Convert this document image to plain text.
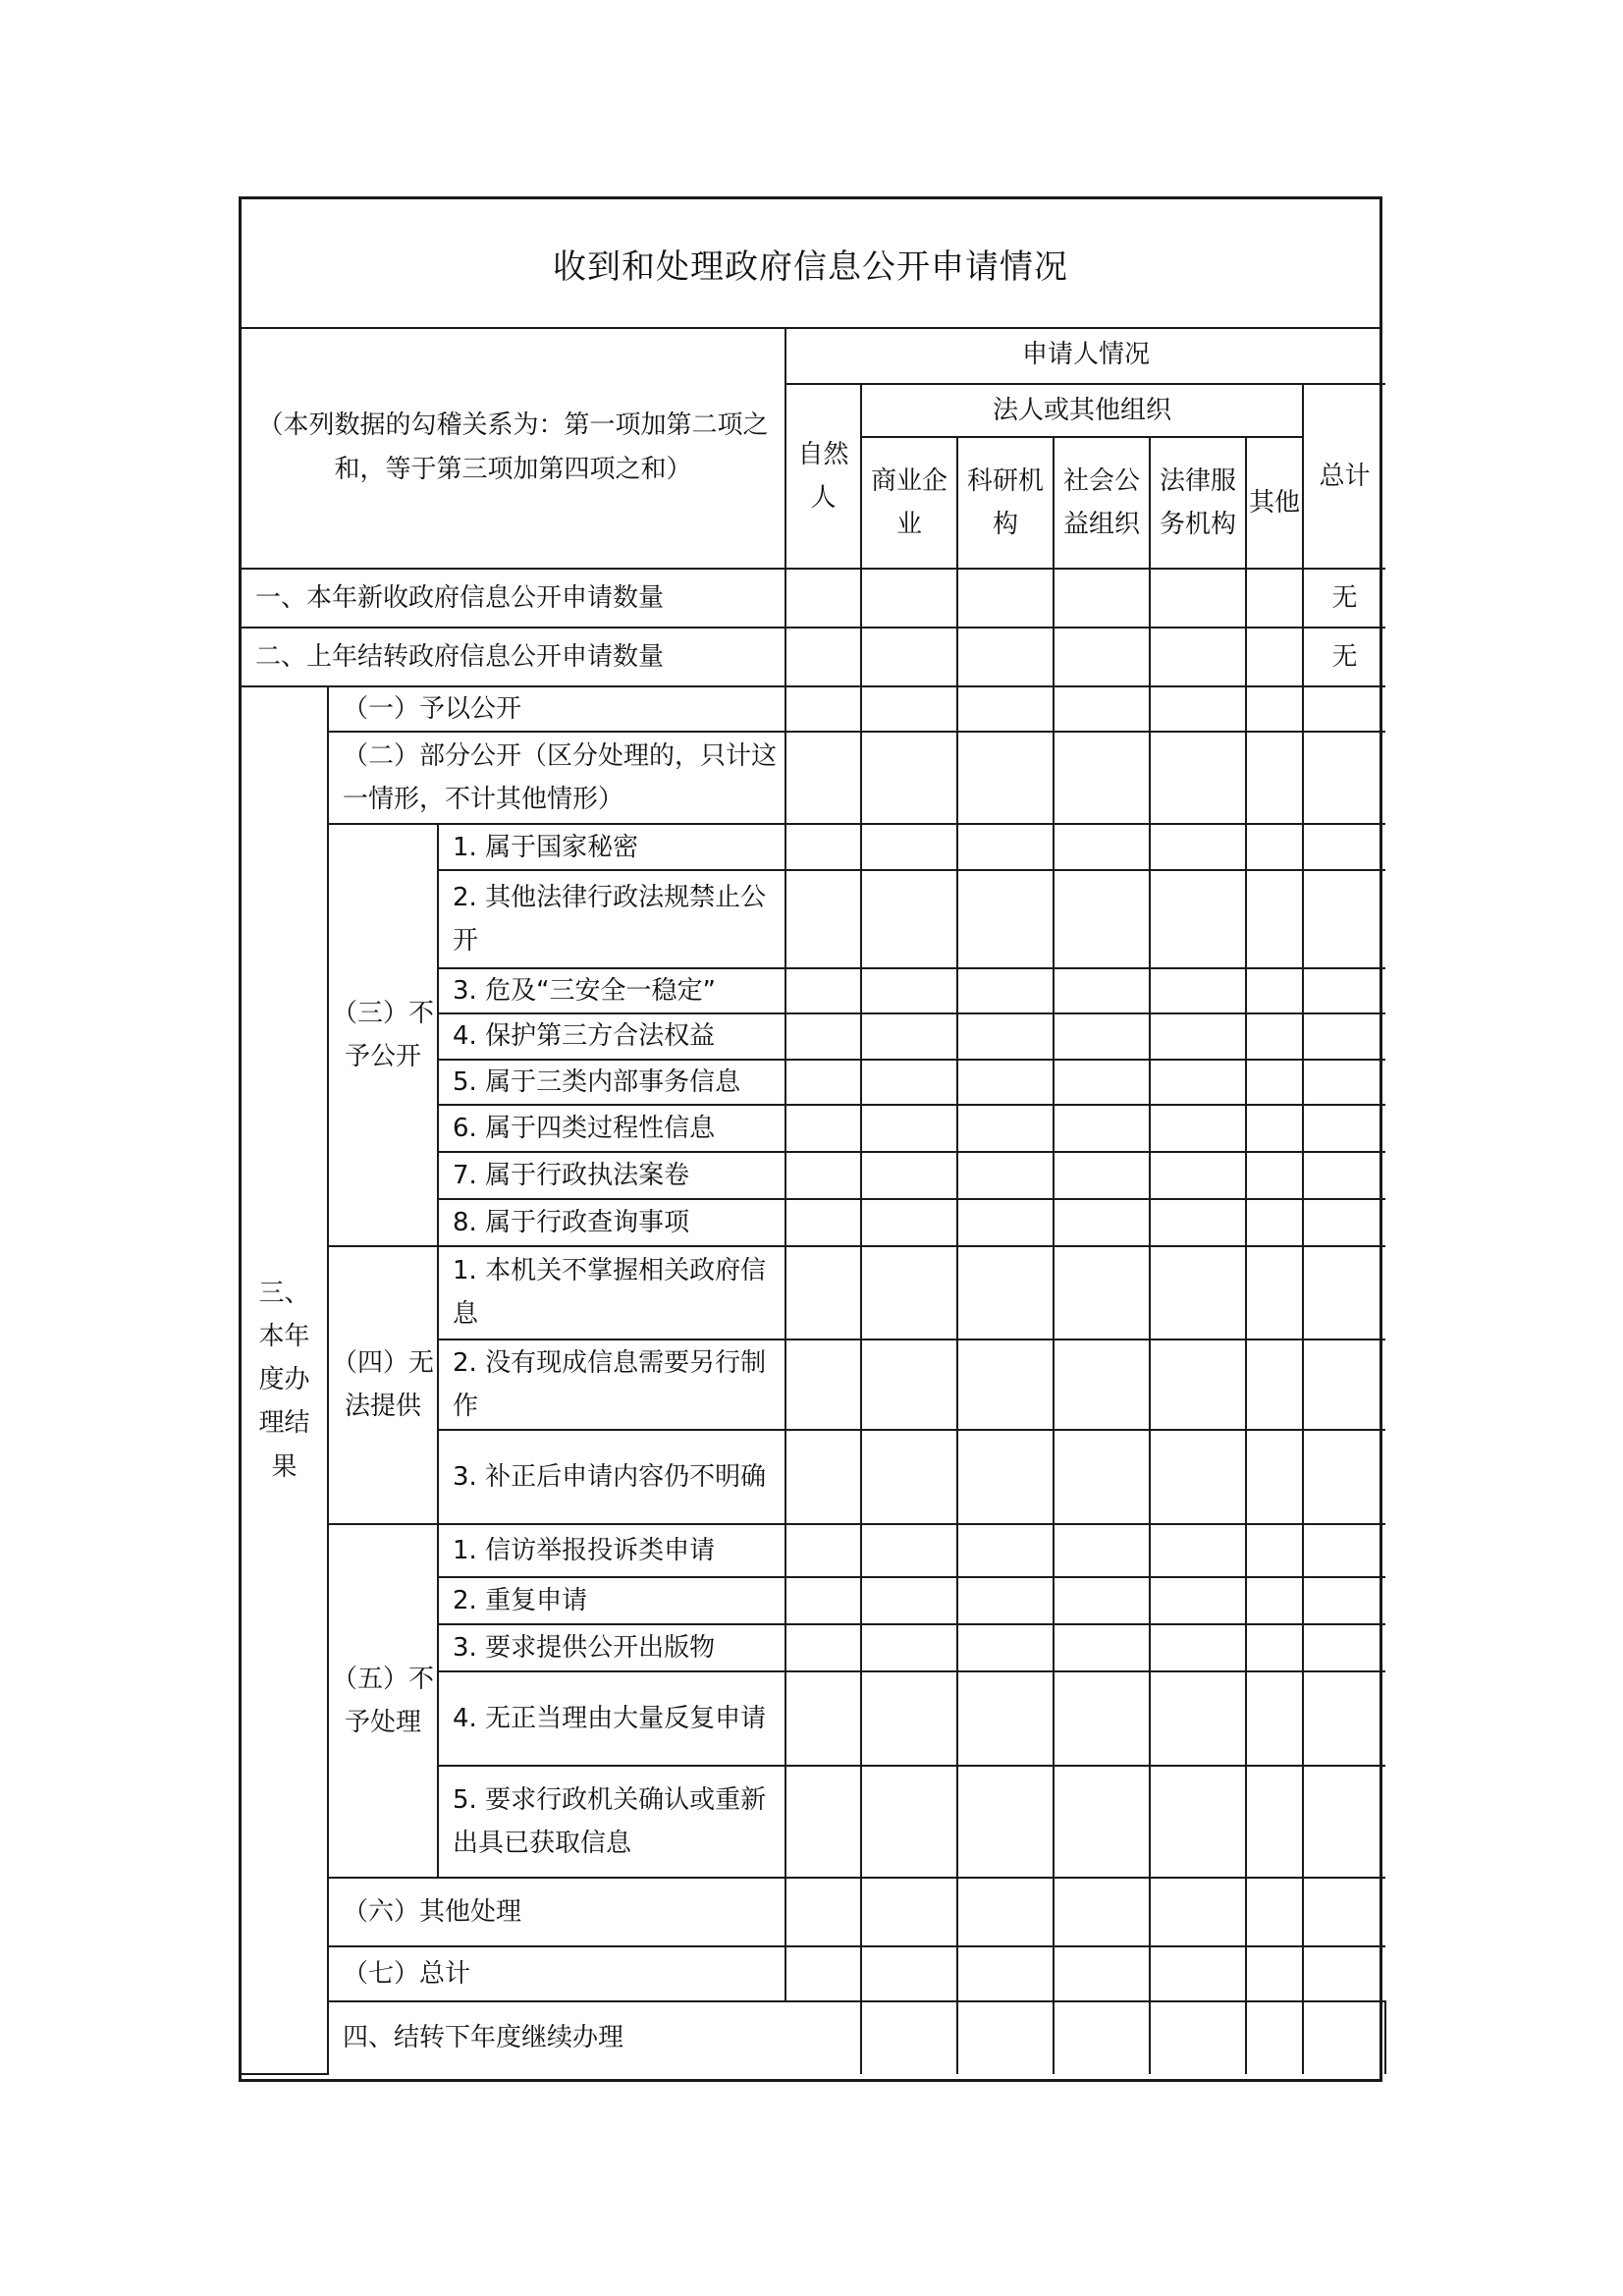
收到和处理政府信息公开申请情况
（本列数据的勾稽关系为：第一项加第二项之和，等于第三项加第四项之和）			申请人情况							
			自然人	法人或其他组织					总计	
				商业企业	科研机构	社会公益组织	法律服务机构	其他		
一、本年新收政府信息公开申请数量									无	
二、上年结转政府信息公开申请数量									无	
三、本年度办理结果	（一）予以公开									
	（二）部分公开（区分处理的，只计这一情形，不计其他情形）									
	（三）不予公开	1. 属于国家秘密								
		2. 其他法律行政法规禁止公开								
		3. 危及“三安全一稳定”								
		4. 保护第三方合法权益								
		5. 属于三类内部事务信息								
		6. 属于四类过程性信息								
		7. 属于行政执法案卷								
		8. 属于行政查询事项								
	（四）无法提供	1. 本机关不掌握相关政府信息								
		2. 没有现成信息需要另行制作								
		3. 补正后申请内容仍不明确								
	（五）不予处理	1. 信访举报投诉类申请								
		2. 重复申请								
		3. 要求提供公开出版物								
		4. 无正当理由大量反复申请								
		5. 要求行政机关确认或重新出具已获取信息								
	（六）其他处理									
	（七）总计									
	四、结转下年度继续办理							
